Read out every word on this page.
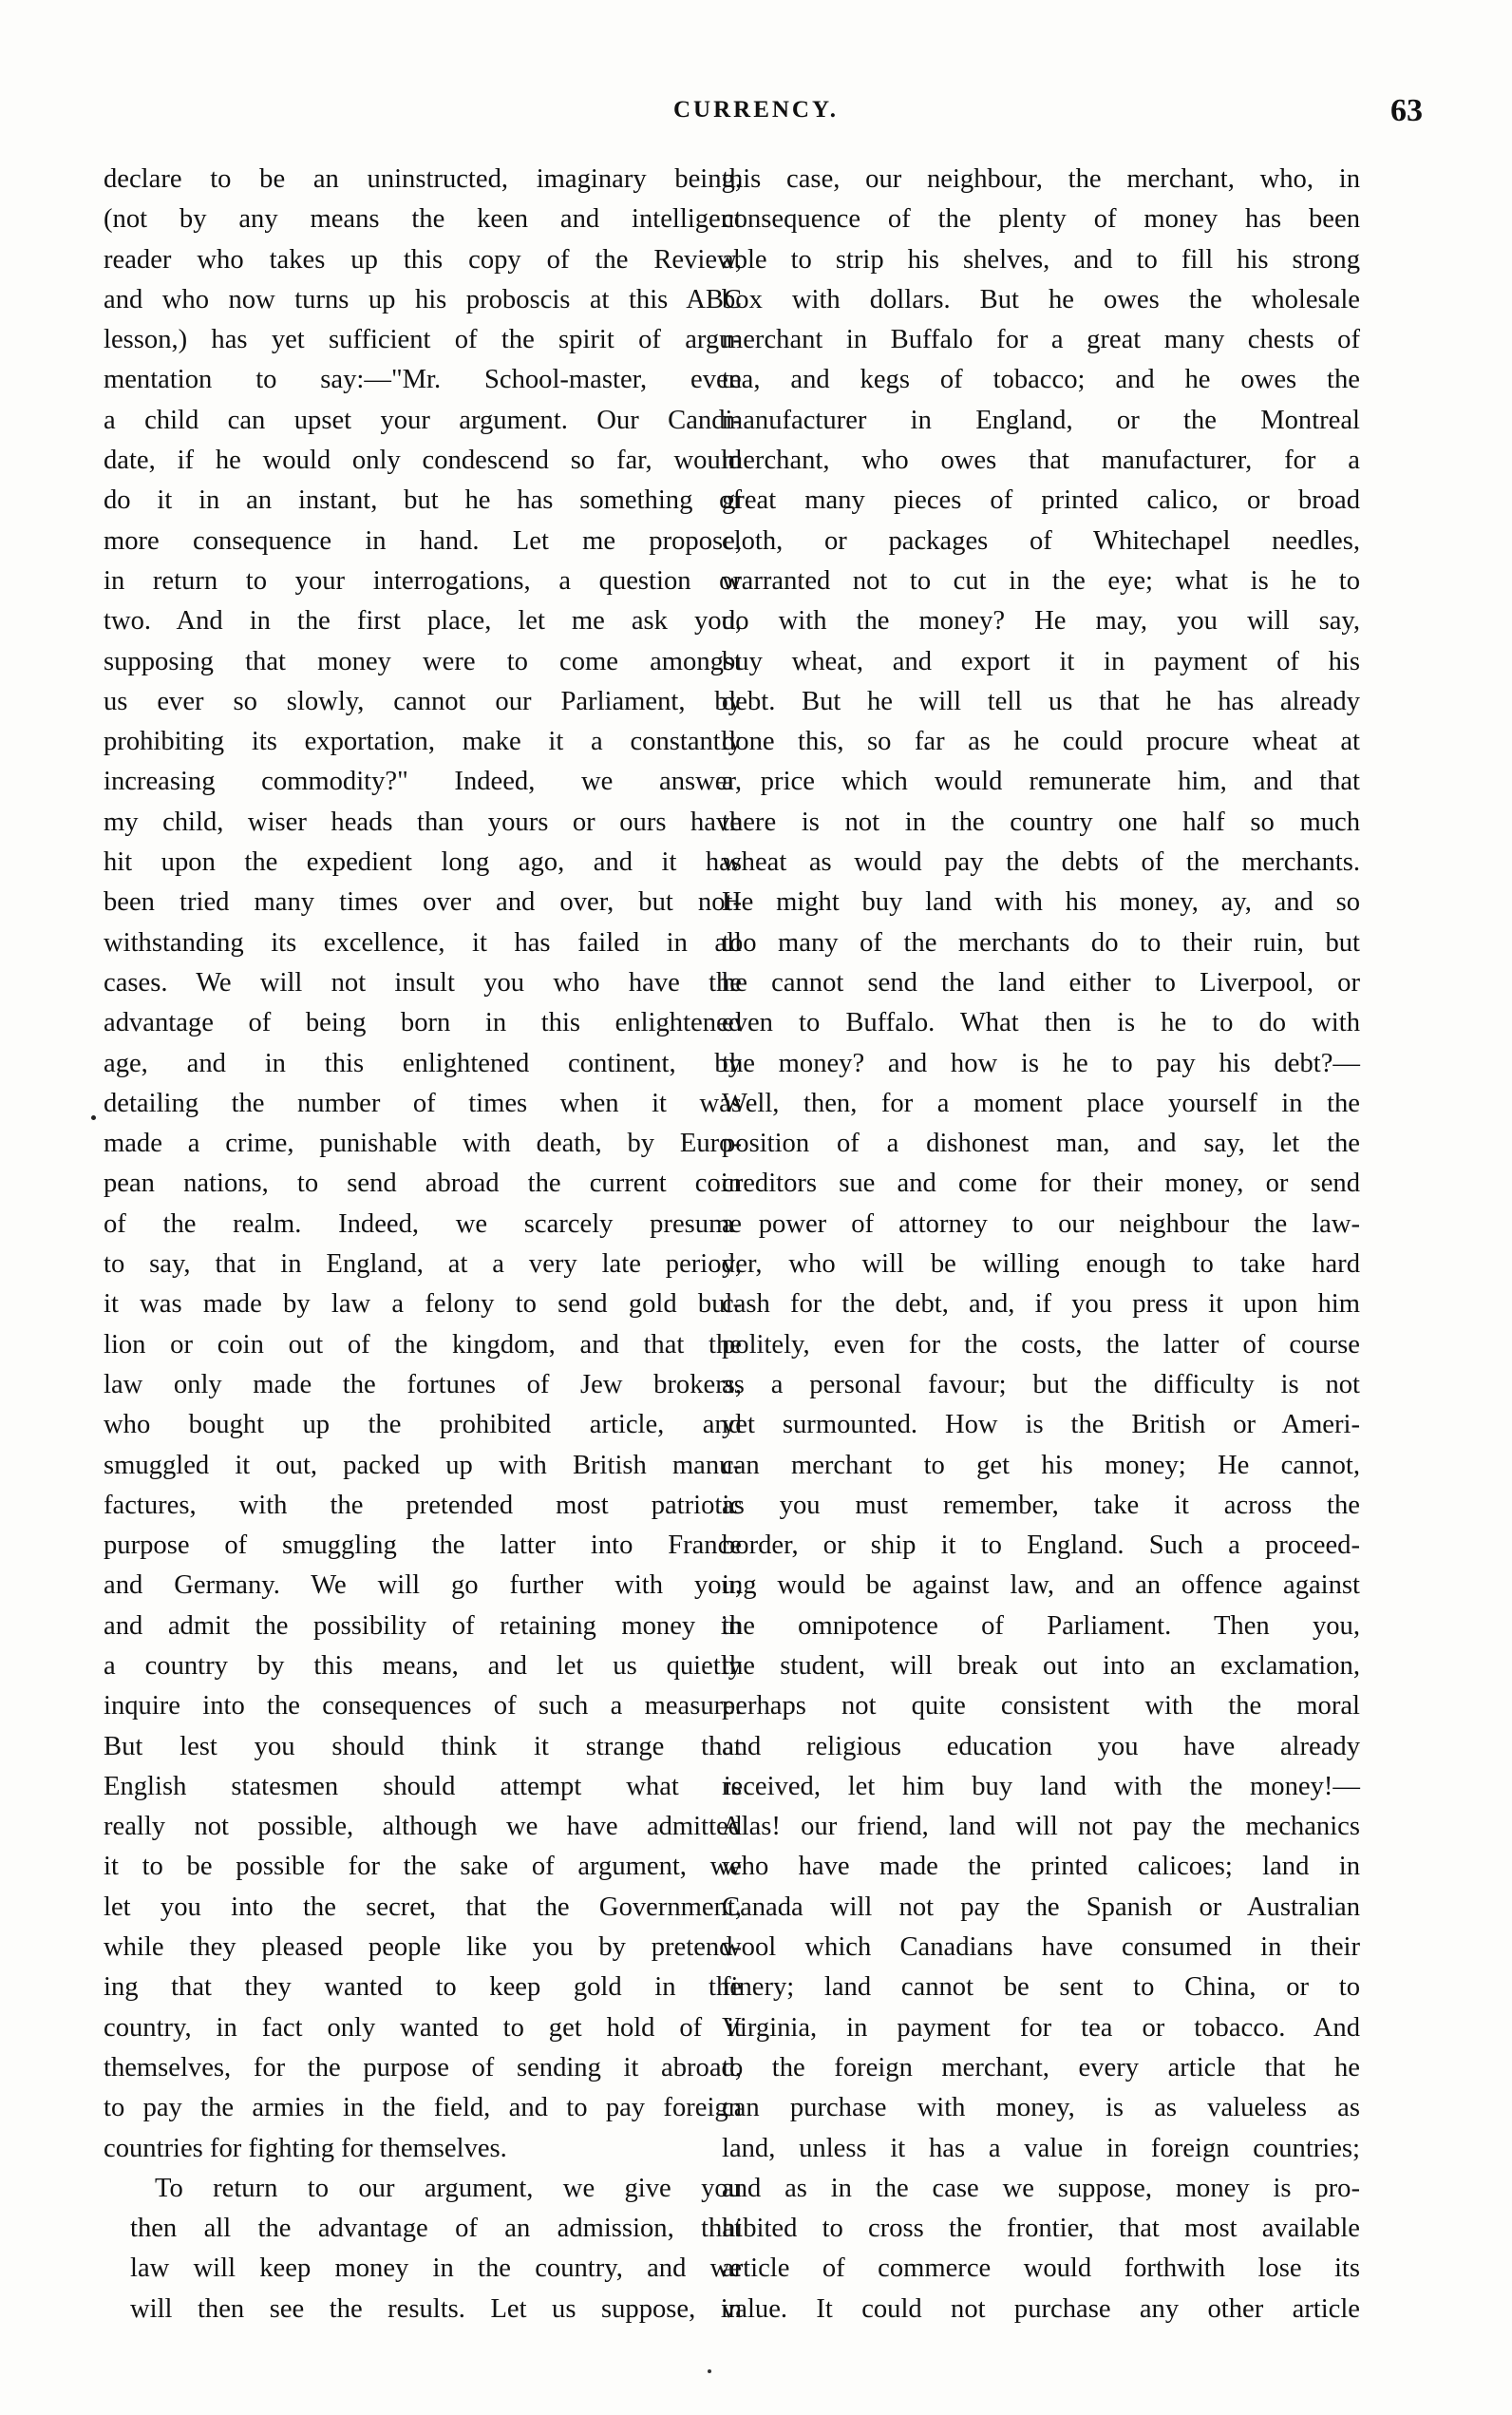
CURRENCY.	63
declare to be an uninstructed, imaginary being,
(not by any means the keen and intelligent
reader who takes up this copy of the Review,
and who now turns up his proboscis at this ABC
lesson,) has yet sufficient of the spirit of argu-
mentation to say:—"Mr. School-master, even
a child can upset your argument. Our Candi-
date, if he would only condescend so far, would
do it in an instant, but he has something of
more consequence in hand. Let me propose,
in return to your interrogations, a question or
two. And in the first place, let me ask you,
supposing that money were to come amongst
us ever so slowly, cannot our Parliament, by
prohibiting its exportation, make it a constantly
increasing commodity?" Indeed, we answer,
my child, wiser heads than yours or ours have
hit upon the expedient long ago, and it has
been tried many times over and over, but not-
withstanding its excellence, it has failed in all
cases. We will not insult you who have the
advantage of being born in this enlightened
age, and in this enlightened continent, by
detailing the number of times when it was
made a crime, punishable with death, by Euro-
pean nations, to send abroad the current coin
of the realm. Indeed, we scarcely presume
to say, that in England, at a very late period,
it was made by law a felony to send gold bul-
lion or coin out of the kingdom, and that the
law only made the fortunes of Jew brokers,
who bought up the prohibited article, and
smuggled it out, packed up with British manu-
factures, with the pretended most patriotic
purpose of smuggling the latter into France
and Germany. We will go further with you,
and admit the possibility of retaining money in
a country by this means, and let us quietly
inquire into the consequences of such a measure.
But lest you should think it strange that
English statesmen should attempt what is
really not possible, although we have admitted
it to be possible for the sake of argument, we
let you into the secret, that the Government,
while they pleased people like you by pretend-
ing that they wanted to keep gold in the
country, in fact only wanted to get hold of it
themselves, for the purpose of sending it abroad,
to pay the armies in the field, and to pay foreign
countries for fighting for themselves.
To return to our argument, we give you
then all the advantage of an admission, that
law will keep money in the country, and we
will then see the results. Let us suppose, in
this case, our neighbour, the merchant, who, in
consequence of the plenty of money has been
able to strip his shelves, and to fill his strong
box with dollars. But he owes the wholesale
merchant in Buffalo for a great many chests of
tea, and kegs of tobacco; and he owes the
manufacturer in England, or the Montreal
merchant, who owes that manufacturer, for a
great many pieces of printed calico, or broad
cloth, or packages of Whitechapel needles,
warranted not to cut in the eye; what is he to
do with the money? He may, you will say,
buy wheat, and export it in payment of his
debt. But he will tell us that he has already
done this, so far as he could procure wheat at
a price which would remunerate him, and that
there is not in the country one half so much
wheat as would pay the debts of the merchants.
He might buy land with his money, ay, and so
too many of the merchants do to their ruin, but
he cannot send the land either to Liverpool, or
even to Buffalo. What then is he to do with
the money? and how is he to pay his debt?—
Well, then, for a moment place yourself in the
position of a dishonest man, and say, let the
creditors sue and come for their money, or send
a power of attorney to our neighbour the law-
yer, who will be willing enough to take hard
cash for the debt, and, if you press it upon him
politely, even for the costs, the latter of course
as a personal favour; but the difficulty is not
yet surmounted. How is the British or Ameri-
can merchant to get his money; He cannot,
as you must remember, take it across the
border, or ship it to England. Such a proceed-
ing would be against law, and an offence against
the omnipotence of Parliament. Then you,
the student, will break out into an exclamation,
perhaps not quite consistent with the moral
and religious education you have already
received, let him buy land with the money!—
Alas! our friend, land will not pay the mechanics
who have made the printed calicoes; land in
Canada will not pay the Spanish or Australian
wool which Canadians have consumed in their
finery; land cannot be sent to China, or to
Virginia, in payment for tea or tobacco. And
to the foreign merchant, every article that he
can purchase with money, is as valueless as
land, unless it has a value in foreign countries;
and as in the case we suppose, money is pro-
hibited to cross the frontier, that most available
article of commerce would forthwith lose its
value. It could not purchase any other article
